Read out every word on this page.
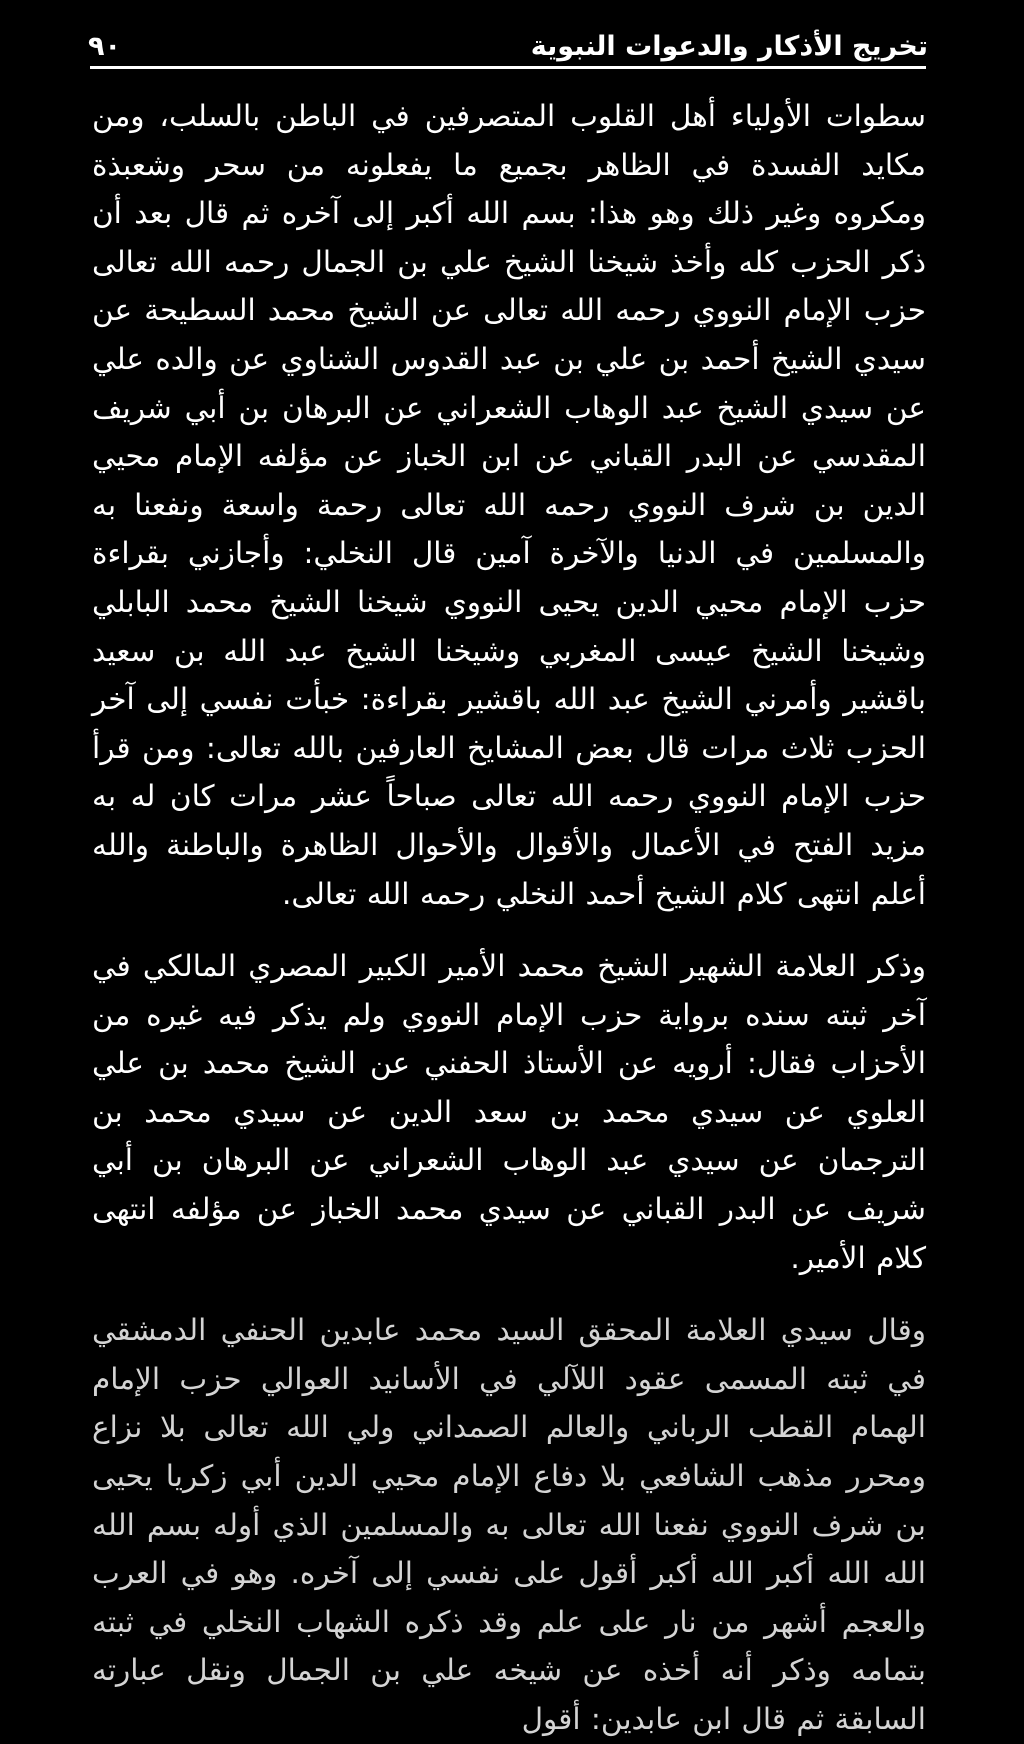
تخريج الأذكار والدعوات النبوية
٩٠

سطوات الأولياء أهل القلوب المتصرفين في الباطن بالسلب، ومن مكايد الفسدة في الظاهر بجميع ما يفعلونه من سحر وشعبذة ومكروه وغير ذلك وهو هذا: بسم الله أكبر إلى آخره ثم قال بعد أن ذكر الحزب كله وأخذ شيخنا الشيخ علي بن الجمال رحمه الله تعالى حزب الإمام النووي رحمه الله تعالى عن الشيخ محمد السطيحة عن سيدي الشيخ أحمد بن علي بن عبد القدوس الشناوي عن والده علي عن سيدي الشيخ عبد الوهاب الشعراني عن البرهان بن أبي شريف المقدسي عن البدر القباني عن ابن الخباز عن مؤلفه الإمام محيي الدين بن شرف النووي رحمه الله تعالى رحمة واسعة ونفعنا به والمسلمين في الدنيا والآخرة آمين قال النخلي: وأجازني بقراءة حزب الإمام محيي الدين يحيى النووي شيخنا الشيخ محمد البابلي وشيخنا الشيخ عيسى المغربي وشيخنا الشيخ عبد الله بن سعيد باقشير وأمرني الشيخ عبد الله باقشير بقراءة: خبأت نفسي إلى آخر الحزب ثلاث مرات قال بعض المشايخ العارفين بالله تعالى: ومن قرأ حزب الإمام النووي رحمه الله تعالى صباحاً عشر مرات كان له به مزيد الفتح في الأعمال والأقوال والأحوال الظاهرة والباطنة والله أعلم انتهى كلام الشيخ أحمد النخلي رحمه الله تعالى.

وذكر العلامة الشهير الشيخ محمد الأمير الكبير المصري المالكي في آخر ثبته سنده برواية حزب الإمام النووي ولم يذكر فيه غيره من الأحزاب فقال: أرويه عن الأستاذ الحفني عن الشيخ محمد بن علي العلوي عن سيدي محمد بن سعد الدين عن سيدي محمد بن الترجمان عن سيدي عبد الوهاب الشعراني عن البرهان بن أبي شريف عن البدر القباني عن سيدي محمد الخباز عن مؤلفه انتهى كلام الأمير.

وقال سيدي العلامة المحقق السيد محمد عابدين الحنفي الدمشقي في ثبته المسمى عقود اللآلي في الأسانيد العوالي حزب الإمام الهمام القطب الرباني والعالم الصمداني ولي الله تعالى بلا نزاع ومحرر مذهب الشافعي بلا دفاع الإمام محيي الدين أبي زكريا يحيى بن شرف النووي نفعنا الله تعالى به والمسلمين الذي أوله بسم الله الله الله أكبر الله أكبر أقول على نفسي إلى آخره. وهو في العرب والعجم أشهر من نار على علم وقد ذكره الشهاب النخلي في ثبته بتمامه وذكر أنه أخذه عن شيخه علي بن الجمال ونقل عبارته السابقة ثم قال ابن عابدين: أقول
